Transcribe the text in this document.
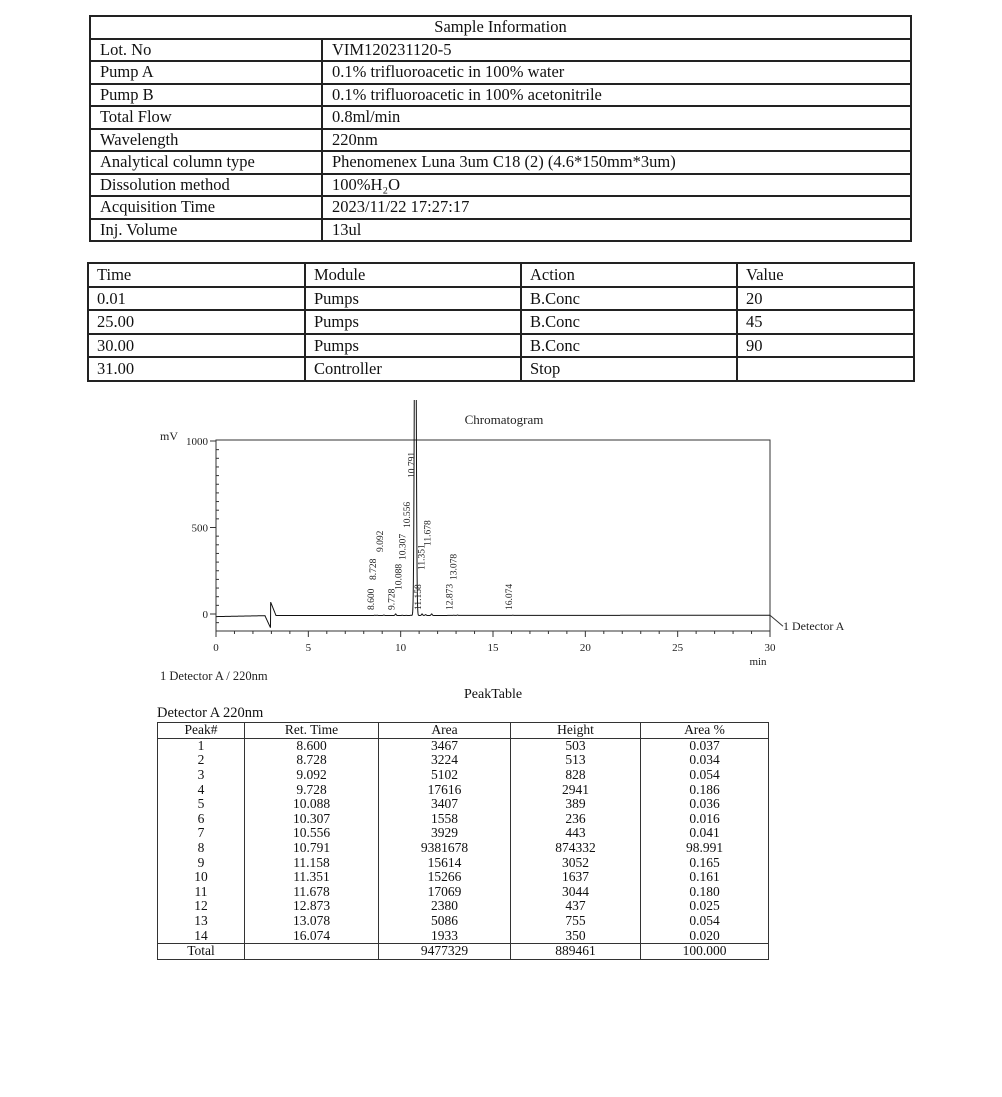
Sample Information	
Lot. No	VIM120231120-5
Pump A	0.1% trifluoroacetic in 100% water
Pump B	0.1% trifluoroacetic in 100% acetonitrile
Total Flow	0.8ml/min
Wavelength	220nm
Analytical column type	Phenomenex Luna 3um C18 (2) (4.6*150mm*3um)
Dissolution method	100%H₂O
Acquisition Time	2023/11/22 17:27:17
Inj. Volume	13ul
Time	Module	Action	Value
0.01	Pumps	B.Conc	20
25.00	Pumps	B.Conc	45
30.00	Pumps	B.Conc	90
31.00	Controller	Stop	
Chromatogram
mV
min
1 Detector A / 220nm
0
500
1000
0	5	10	15	20	25	30
8.600
8.728
9.092
9.728
10.088
10.307
10.556
10.791
11.158
11.351
11.678
12.873
13.078
16.074
1 Detector A
PeakTable
Detector A 220nm
Peak#	Ret. Time	Area	Height	Area %
1	8.600	3467	503	0.037
2	8.728	3224	513	0.034
3	9.092	5102	828	0.054
4	9.728	17616	2941	0.186
5	10.088	3407	389	0.036
6	10.307	1558	236	0.016
7	10.556	3929	443	0.041
8	10.791	9381678	874332	98.991
9	11.158	15614	3052	0.165
10	11.351	15266	1637	0.161
11	11.678	17069	3044	0.180
12	12.873	2380	437	0.025
13	13.078	5086	755	0.054
14	16.074	1933	350	0.020
Total		9477329	889461	100.000
